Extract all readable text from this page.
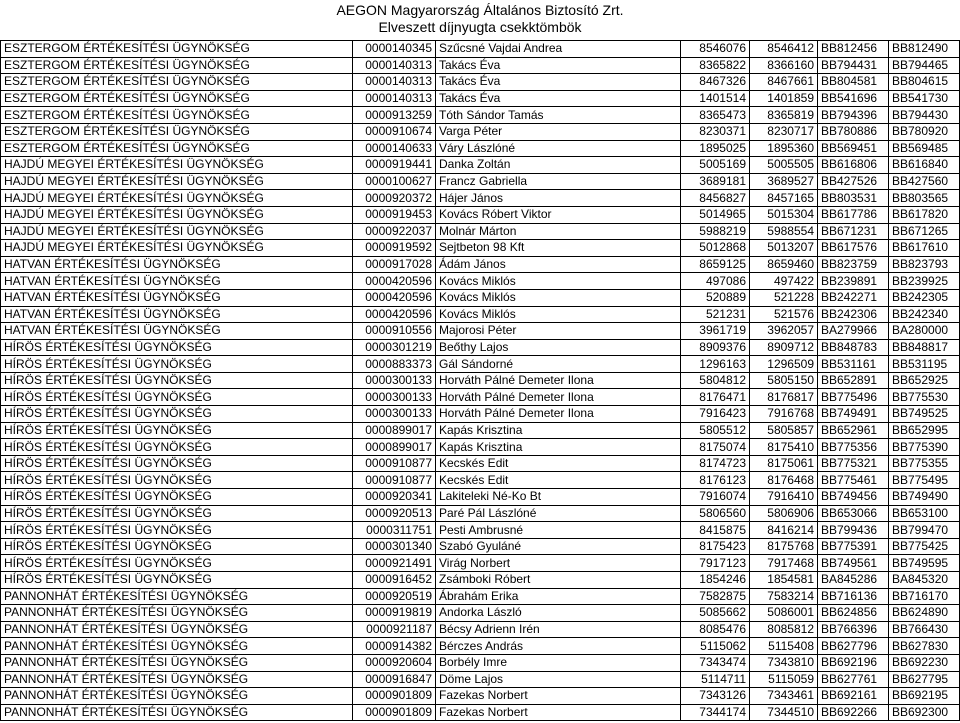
AEGON Magyarország Általános Biztosító Zrt.
Elveszett díjnyugta csekktömbök
ESZTERGOM ÉRTÉKESÍTÉSI ÜGYNÖKSÉG	0000140345	Szűcsné Vajdai Andrea	8546076	8546412	BB812456	BB812490
ESZTERGOM ÉRTÉKESÍTÉSI ÜGYNÖKSÉG	0000140313	Takács Éva	8365822	8366160	BB794431	BB794465
ESZTERGOM ÉRTÉKESÍTÉSI ÜGYNÖKSÉG	0000140313	Takács Éva	8467326	8467661	BB804581	BB804615
ESZTERGOM ÉRTÉKESÍTÉSI ÜGYNÖKSÉG	0000140313	Takács Éva	1401514	1401859	BB541696	BB541730
ESZTERGOM ÉRTÉKESÍTÉSI ÜGYNÖKSÉG	0000913259	Tóth Sándor Tamás	8365473	8365819	BB794396	BB794430
ESZTERGOM ÉRTÉKESÍTÉSI ÜGYNÖKSÉG	0000910674	Varga Péter	8230371	8230717	BB780886	BB780920
ESZTERGOM ÉRTÉKESÍTÉSI ÜGYNÖKSÉG	0000140633	Váry Lászlóné	1895025	1895360	BB569451	BB569485
HAJDÚ MEGYEI ÉRTÉKESÍTÉSI ÜGYNÖKSÉG	0000919441	Danka Zoltán	5005169	5005505	BB616806	BB616840
HAJDÚ MEGYEI ÉRTÉKESÍTÉSI ÜGYNÖKSÉG	0000100627	Francz Gabriella	3689181	3689527	BB427526	BB427560
HAJDÚ MEGYEI ÉRTÉKESÍTÉSI ÜGYNÖKSÉG	0000920372	Hájer János	8456827	8457165	BB803531	BB803565
HAJDÚ MEGYEI ÉRTÉKESÍTÉSI ÜGYNÖKSÉG	0000919453	Kovács Róbert Viktor	5014965	5015304	BB617786	BB617820
HAJDÚ MEGYEI ÉRTÉKESÍTÉSI ÜGYNÖKSÉG	0000922037	Molnár Márton	5988219	5988554	BB671231	BB671265
HAJDÚ MEGYEI ÉRTÉKESÍTÉSI ÜGYNÖKSÉG	0000919592	Sejtbeton 98 Kft	5012868	5013207	BB617576	BB617610
HATVAN ÉRTÉKESÍTÉSI ÜGYNÖKSÉG	0000917028	Ádám János	8659125	8659460	BB823759	BB823793
HATVAN ÉRTÉKESÍTÉSI ÜGYNÖKSÉG	0000420596	Kovács Miklós	497086	497422	BB239891	BB239925
HATVAN ÉRTÉKESÍTÉSI ÜGYNÖKSÉG	0000420596	Kovács Miklós	520889	521228	BB242271	BB242305
HATVAN ÉRTÉKESÍTÉSI ÜGYNÖKSÉG	0000420596	Kovács Miklós	521231	521576	BB242306	BB242340
HATVAN ÉRTÉKESÍTÉSI ÜGYNÖKSÉG	0000910556	Majorosi Péter	3961719	3962057	BA279966	BA280000
HÍRÖS ÉRTÉKESÍTÉSI ÜGYNÖKSÉG	0000301219	Beőthy Lajos	8909376	8909712	BB848783	BB848817
HÍRÖS ÉRTÉKESÍTÉSI ÜGYNÖKSÉG	0000883373	Gál Sándorné	1296163	1296509	BB531161	BB531195
HÍRÖS ÉRTÉKESÍTÉSI ÜGYNÖKSÉG	0000300133	Horváth Pálné Demeter Ilona	5804812	5805150	BB652891	BB652925
HÍRÖS ÉRTÉKESÍTÉSI ÜGYNÖKSÉG	0000300133	Horváth Pálné Demeter Ilona	8176471	8176817	BB775496	BB775530
HÍRÖS ÉRTÉKESÍTÉSI ÜGYNÖKSÉG	0000300133	Horváth Pálné Demeter Ilona	7916423	7916768	BB749491	BB749525
HÍRÖS ÉRTÉKESÍTÉSI ÜGYNÖKSÉG	0000899017	Kapás Krisztina	5805512	5805857	BB652961	BB652995
HÍRÖS ÉRTÉKESÍTÉSI ÜGYNÖKSÉG	0000899017	Kapás Krisztina	8175074	8175410	BB775356	BB775390
HÍRÖS ÉRTÉKESÍTÉSI ÜGYNÖKSÉG	0000910877	Kecskés Edit	8174723	8175061	BB775321	BB775355
HÍRÖS ÉRTÉKESÍTÉSI ÜGYNÖKSÉG	0000910877	Kecskés Edit	8176123	8176468	BB775461	BB775495
HÍRÖS ÉRTÉKESÍTÉSI ÜGYNÖKSÉG	0000920341	Lakiteleki Né-Ko Bt	7916074	7916410	BB749456	BB749490
HÍRÖS ÉRTÉKESÍTÉSI ÜGYNÖKSÉG	0000920513	Paré Pál Lászlóné	5806560	5806906	BB653066	BB653100
HÍRÖS ÉRTÉKESÍTÉSI ÜGYNÖKSÉG	0000311751	Pesti Ambrusné	8415875	8416214	BB799436	BB799470
HÍRÖS ÉRTÉKESÍTÉSI ÜGYNÖKSÉG	0000301340	Szabó Gyuláné	8175423	8175768	BB775391	BB775425
HÍRÖS ÉRTÉKESÍTÉSI ÜGYNÖKSÉG	0000921491	Virág Norbert	7917123	7917468	BB749561	BB749595
HÍRÖS ÉRTÉKESÍTÉSI ÜGYNÖKSÉG	0000916452	Zsámboki Róbert	1854246	1854581	BA845286	BA845320
PANNONHÁT ÉRTÉKESÍTÉSI ÜGYNÖKSÉG	0000920519	Ábrahám Erika	7582875	7583214	BB716136	BB716170
PANNONHÁT ÉRTÉKESÍTÉSI ÜGYNÖKSÉG	0000919819	Andorka László	5085662	5086001	BB624856	BB624890
PANNONHÁT ÉRTÉKESÍTÉSI ÜGYNÖKSÉG	0000921187	Bécsy Adrienn Irén	8085476	8085812	BB766396	BB766430
PANNONHÁT ÉRTÉKESÍTÉSI ÜGYNÖKSÉG	0000914382	Bérczes András	5115062	5115408	BB627796	BB627830
PANNONHÁT ÉRTÉKESÍTÉSI ÜGYNÖKSÉG	0000920604	Borbély Imre	7343474	7343810	BB692196	BB692230
PANNONHÁT ÉRTÉKESÍTÉSI ÜGYNÖKSÉG	0000916847	Döme Lajos	5114711	5115059	BB627761	BB627795
PANNONHÁT ÉRTÉKESÍTÉSI ÜGYNÖKSÉG	0000901809	Fazekas Norbert	7343126	7343461	BB692161	BB692195
PANNONHÁT ÉRTÉKESÍTÉSI ÜGYNÖKSÉG	0000901809	Fazekas Norbert	7344174	7344510	BB692266	BB692300
